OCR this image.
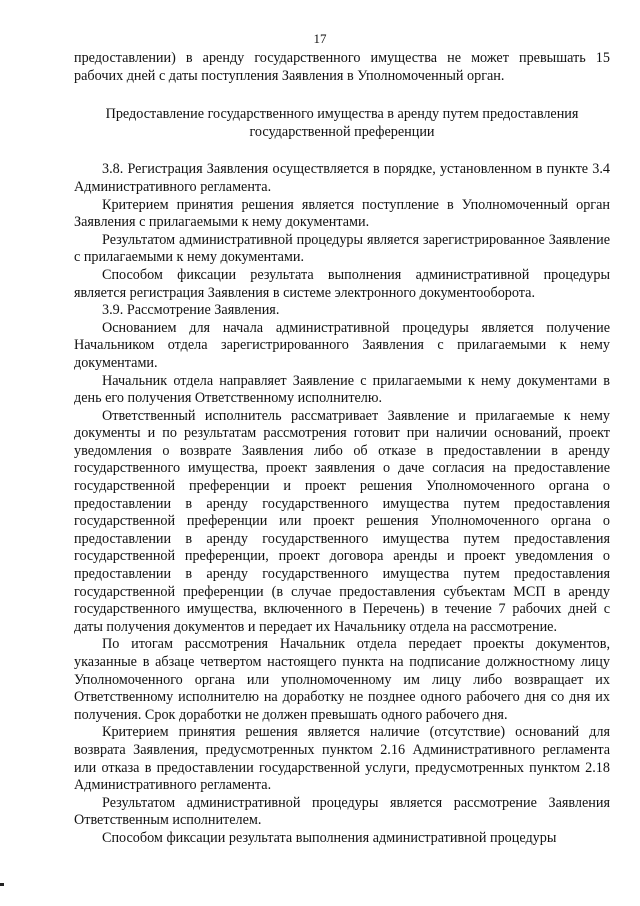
17

предоставлении) в аренду государственного имущества не может превышать 15 рабочих дней с даты поступления Заявления в Уполномоченный орган.

Предоставление государственного имущества в аренду путем предоставления государственной преференции

3.8. Регистрация Заявления осуществляется в порядке, установленном в пункте 3.4 Административного регламента.

Критерием принятия решения является поступление в Уполномоченный орган Заявления с прилагаемыми к нему документами.

Результатом административной процедуры является зарегистрированное Заявление с прилагаемыми к нему документами.

Способом фиксации результата выполнения административной процедуры является регистрация Заявления в системе электронного документооборота.

3.9. Рассмотрение Заявления.

Основанием для начала административной процедуры является получение Начальником отдела зарегистрированного Заявления с прилагаемыми к нему документами.

Начальник отдела направляет Заявление с прилагаемыми к нему документами в день его получения Ответственному исполнителю.

Ответственный исполнитель рассматривает Заявление и прилагаемые к нему документы и по результатам рассмотрения готовит при наличии оснований, проект уведомления о возврате Заявления либо об отказе в предоставлении в аренду государственного имущества, проект заявления о даче согласия на предоставление государственной преференции и проект решения Уполномоченного органа о предоставлении в аренду государственного имущества путем предоставления государственной преференции или проект решения Уполномоченного органа о предоставлении в аренду государственного имущества путем предоставления государственной преференции, проект договора аренды и проект уведомления о предоставлении в аренду государственного имущества путем предоставления государственной преференции (в случае предоставления субъектам МСП в аренду государственного имущества, включенного в Перечень) в течение 7 рабочих дней с даты получения документов и передает их Начальнику отдела на рассмотрение.

По итогам рассмотрения Начальник отдела передает проекты документов, указанные в абзаце четвертом настоящего пункта на подписание должностному лицу Уполномоченного органа или уполномоченному им лицу либо возвращает их Ответственному исполнителю на доработку не позднее одного рабочего дня со дня их получения. Срок доработки не должен превышать одного рабочего дня.

Критерием принятия решения является наличие (отсутствие) оснований для возврата Заявления, предусмотренных пунктом 2.16 Административного регламента или отказа в предоставлении государственной услуги, предусмотренных пунктом 2.18 Административного регламента.

Результатом административной процедуры является рассмотрение Заявления Ответственным исполнителем.

Способом фиксации результата выполнения административной процедуры
